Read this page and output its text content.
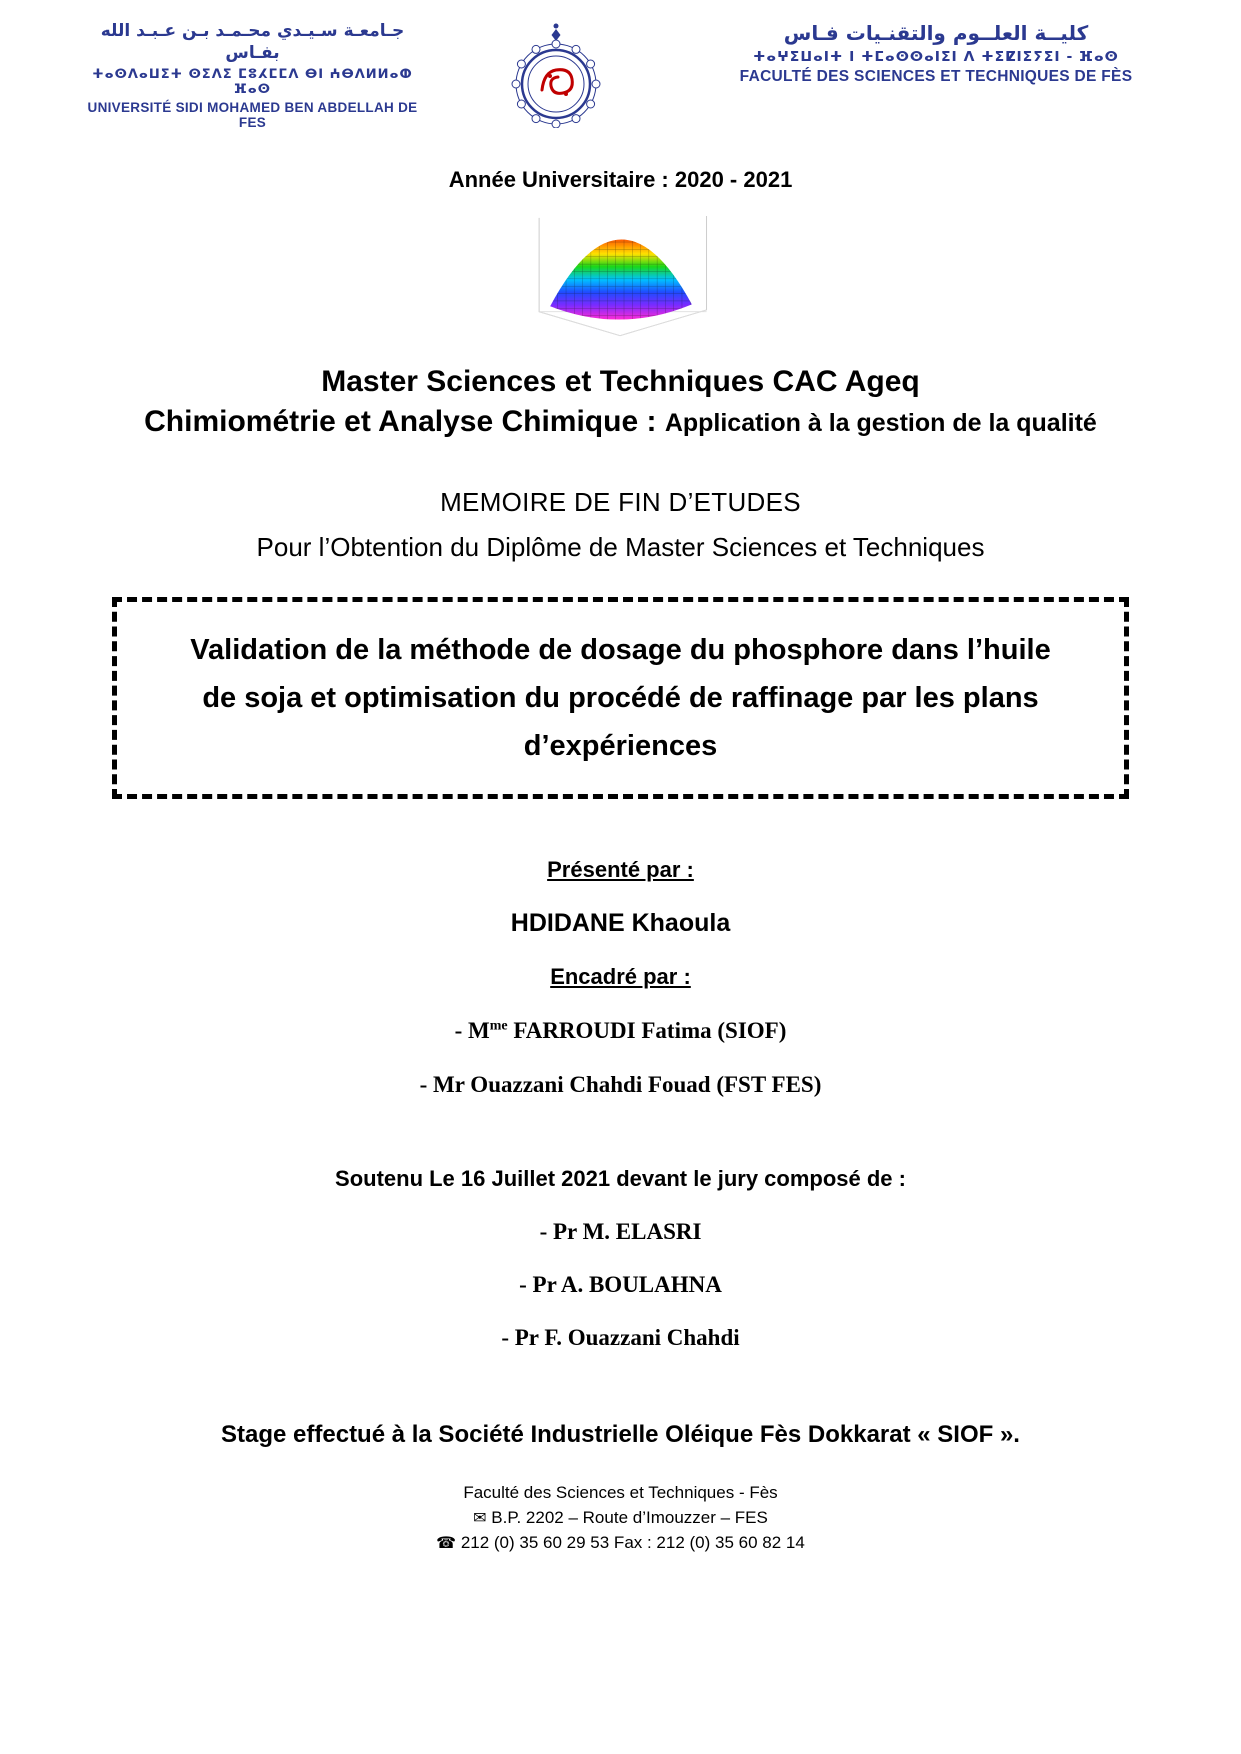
جـامعـة سـيـدي محـمـد بـن عـبـد الله بفـاس
ⵜⴰⵙⴷⴰⵡⵉⵜ ⵙⵉⴷⵉ ⵎⵓⵃⵎⵎⴷ ⴱⵏ ⵄⴱⴷⵍⵍⴰⵀ ⴼⴰⵙ
UNIVERSITÉ SIDI MOHAMED BEN ABDELLAH DE FES
كليــة العلــوم والتقنـيات فـاس
ⵜⴰⵖⵉⵡⴰⵏⵜ ⵏ ⵜⵎⴰⵙⵙⴰⵏⵉⵏ ⴷ ⵜⵉⵇⵏⵉⵢⵉⵏ - ⴼⴰⵙ
FACULTÉ DES SCIENCES ET TECHNIQUES DE FÈS
Année Universitaire : 2020 - 2021
Master Sciences et Techniques CAC Ageq
Chimiométrie et Analyse Chimique : Application à la gestion de la qualité
MEMOIRE DE FIN D’ETUDES
Pour l’Obtention du Diplôme de Master Sciences et Techniques
Validation de la méthode de dosage du phosphore dans l’huile
de soja et optimisation du procédé de raffinage par les plans
d’expériences
Présenté par :
HDIDANE Khaoula
Encadré par :
- $M^{me}$ FARROUDI Fatima (SIOF)
- Mr Ouazzani Chahdi Fouad (FST FES)
Soutenu Le 16 Juillet 2021 devant le jury composé de :
- Pr M. ELASRI
- Pr A. BOULAHNA
- Pr F. Ouazzani Chahdi
Stage effectué à la Société Industrielle Oléique Fès Dokkarat « SIOF ».
Faculté des Sciences et Techniques - Fès
✉ B.P. 2202 – Route d’Imouzzer – FES
☎ 212 (0) 35 60 29 53 Fax : 212 (0) 35 60 82 14
